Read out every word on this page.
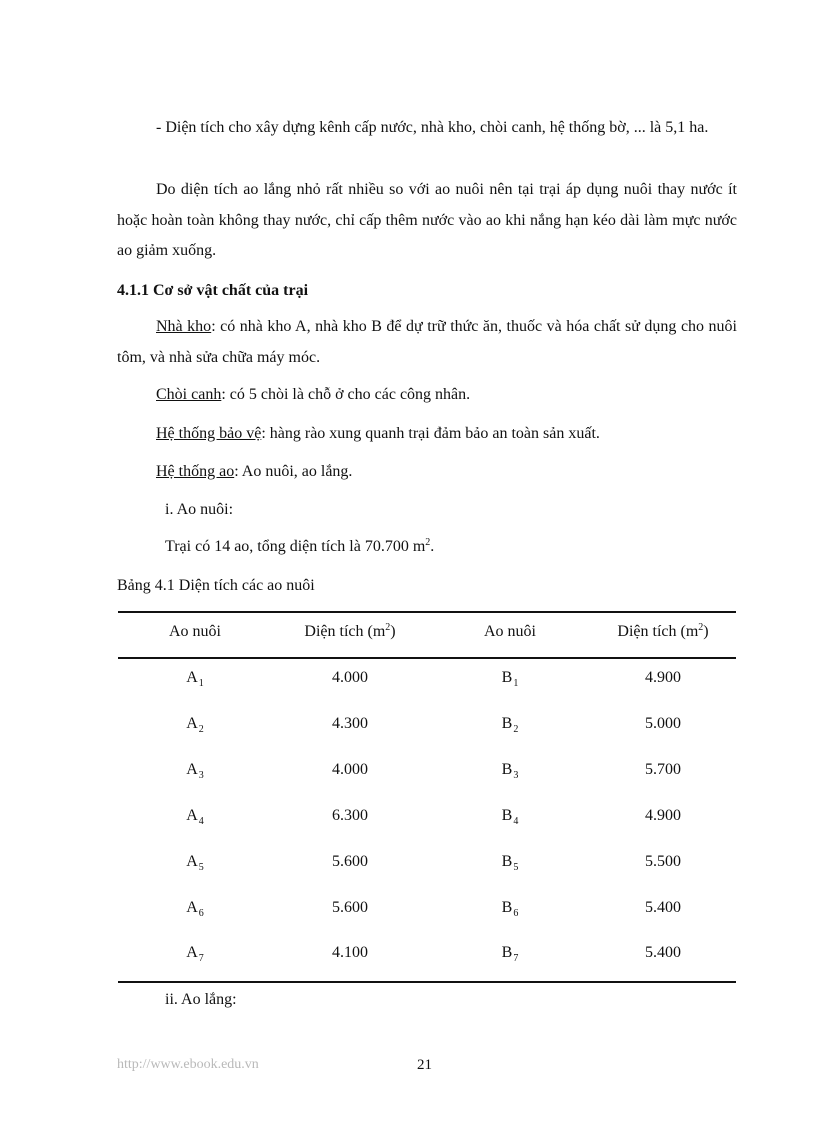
- Diện tích cho xây dựng kênh cấp nước, nhà kho, chòi canh, hệ thống bờ, ... là 5,1 ha.

Do diện tích ao lắng nhỏ rất nhiều so với ao nuôi nên tại trại áp dụng nuôi thay nước ít hoặc hoàn toàn không thay nước, chỉ cấp thêm nước vào ao khi nắng hạn kéo dài làm mực nước ao giảm xuống.

4.1.1 Cơ sở vật chất của trại

Nhà kho: có nhà kho A, nhà kho B để dự trữ thức ăn, thuốc và hóa chất sử dụng cho nuôi tôm, và nhà sửa chữa máy móc.

Chòi canh: có 5 chòi là chỗ ở cho các công nhân.

Hệ thống bảo vệ: hàng rào xung quanh trại đảm bảo an toàn sản xuất.

Hệ thống ao: Ao nuôi, ao lắng.

i. Ao nuôi:

Trại có 14 ao, tổng diện tích là 70.700 $m^2$.

Bảng 4.1 Diện tích các ao nuôi

Ao nuôi	Diện tích $(m^2)$	Ao nuôi	Diện tích $(m^2)$
$A_1$	4.000	$B_1$	4.900
$A_2$	4.300	$B_2$	5.000
$A_3$	4.000	$B_3$	5.700
$A_4$	6.300	$B_4$	4.900
$A_5$	5.600	$B_5$	5.500
$A_6$	5.600	$B_6$	5.400
$A_7$	4.100	$B_7$	5.400

ii. Ao lắng:

http://www.ebook.edu.vn	21
